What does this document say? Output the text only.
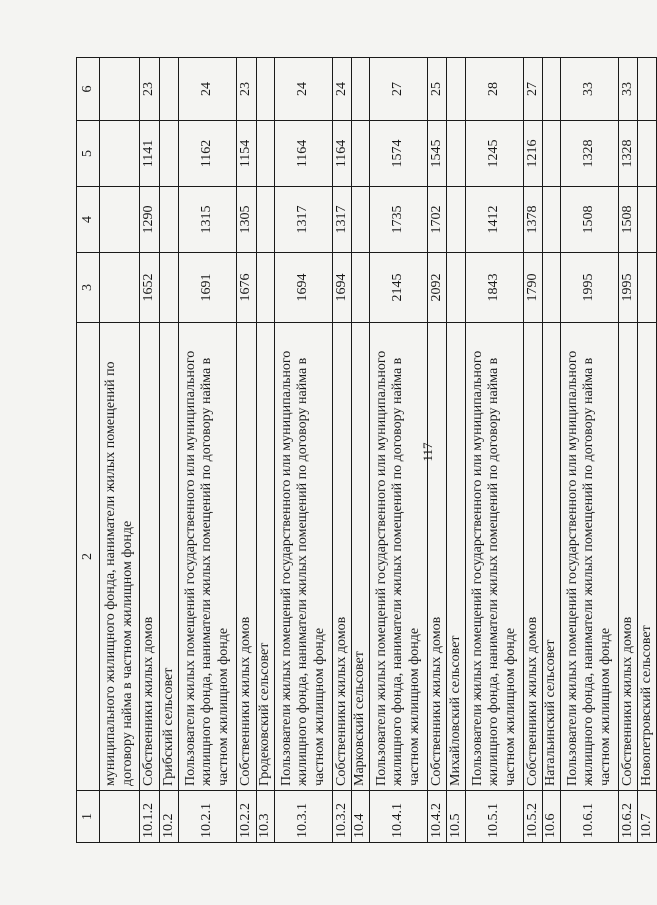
117
1	2	3	4	5	6
	муниципального жилищного фонда, наниматели жилых помещений по договору найма в частном жилищном фонде				
10.1.2	Собственники жилых домов	1652	1290	1141	23
10.2	Грибский сельсовет				
10.2.1	Пользователи жилых помещений государственного или муниципального жилищного фонда, наниматели жилых помещений по договору найма в частном жилищном фонде	1691	1315	1162	24
10.2.2	Собственники жилых домов	1676	1305	1154	23
10.3	Гродековский сельсовет				
10.3.1	Пользователи жилых помещений государственного или муниципального жилищного фонда, наниматели жилых помещений по договору найма в частном жилищном фонде	1694	1317	1164	24
10.3.2	Собственники жилых домов	1694	1317	1164	24
10.4	Марковский сельсовет				
10.4.1	Пользователи жилых помещений государственного или муниципального жилищного фонда, наниматели жилых помещений по договору найма в частном жилищном фонде	2145	1735	1574	27
10.4.2	Собственники жилых домов	2092	1702	1545	25
10.5	Михайловский сельсовет				
10.5.1	Пользователи жилых помещений государственного или муниципального жилищного фонда, наниматели жилых помещений по договору найма в частном жилищном фонде	1843	1412	1245	28
10.5.2	Собственники жилых домов	1790	1378	1216	27
10.6	Натальинский сельсовет				
10.6.1	Пользователи жилых помещений государственного или муниципального жилищного фонда, наниматели жилых помещений по договору найма в частном жилищном фонде	1995	1508	1328	33
10.6.2	Собственники жилых домов	1995	1508	1328	33
10.7	Новопетровский сельсовет				
